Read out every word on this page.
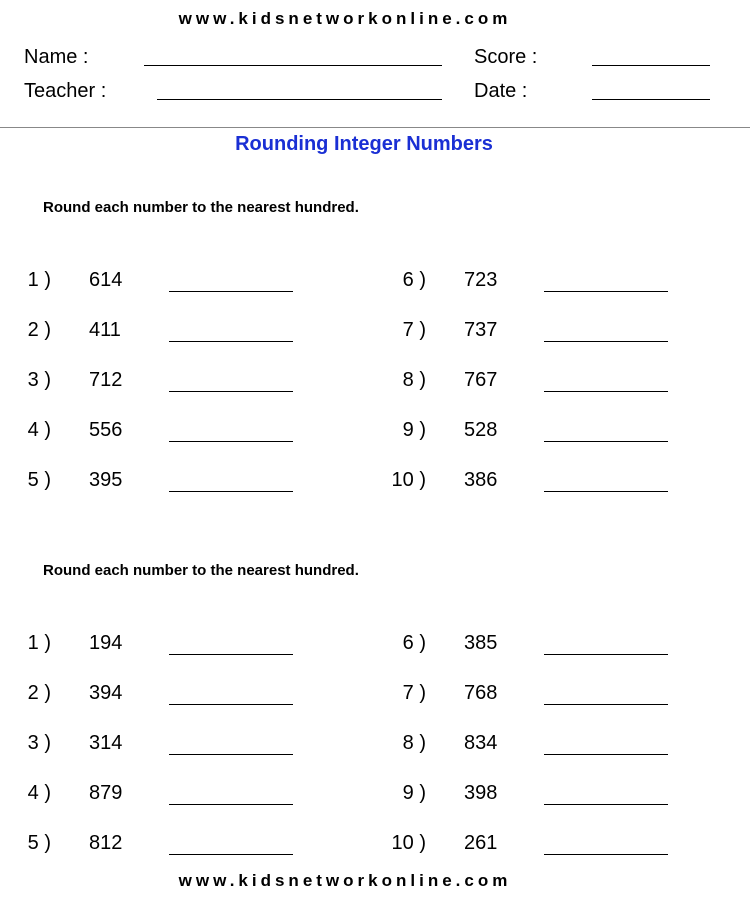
www.kidsnetworkonline.com
Name :	Score :
Teacher :	Date :
Rounding Integer Numbers
Round each number to the nearest hundred.
1 ) 614
2 ) 411
3 ) 712
4 ) 556
5 ) 395
6 ) 723
7 ) 737
8 ) 767
9 ) 528
10 ) 386
Round each number to the nearest hundred.
1 ) 194
2 ) 394
3 ) 314
4 ) 879
5 ) 812
6 ) 385
7 ) 768
8 ) 834
9 ) 398
10 ) 261
www.kidsnetworkonline.com
